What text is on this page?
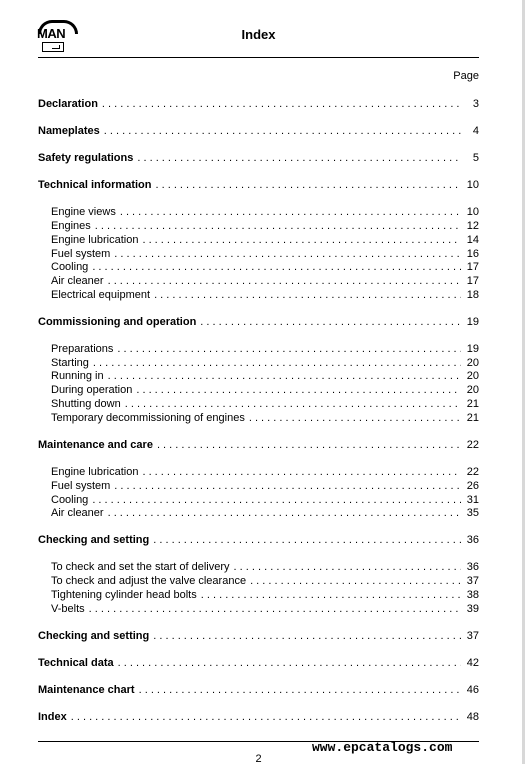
MAN	Index
Page
Declaration . . .	3
Nameplates . . .	4
Safety regulations . . .	5
Technical information . . .	10
Engine views . . .	10
Engines . . .	12
Engine lubrication . . .	14
Fuel system . . .	16
Cooling . . .	17
Air cleaner . . .	17
Electrical equipment . . .	18
Commissioning and operation . . .	19
Preparations . . .	19
Starting . . .	20
Running in . . .	20
During operation . . .	20
Shutting down . . .	21
Temporary decommissioning of engines . . .	21
Maintenance and care . . .	22
Engine lubrication . . .	22
Fuel system . . .	26
Cooling . . .	31
Air cleaner . . .	35
Checking and setting . . .	36
To check and set the start of delivery . . .	36
To check and adjust the valve clearance . . .	37
Tightening cylinder head bolts . . .	38
V-belts . . .	39
Checking and setting . . .	37
Technical data . . .	42
Maintenance chart . . .	46
Index . . .	48
www.epcatalogs.com
2
